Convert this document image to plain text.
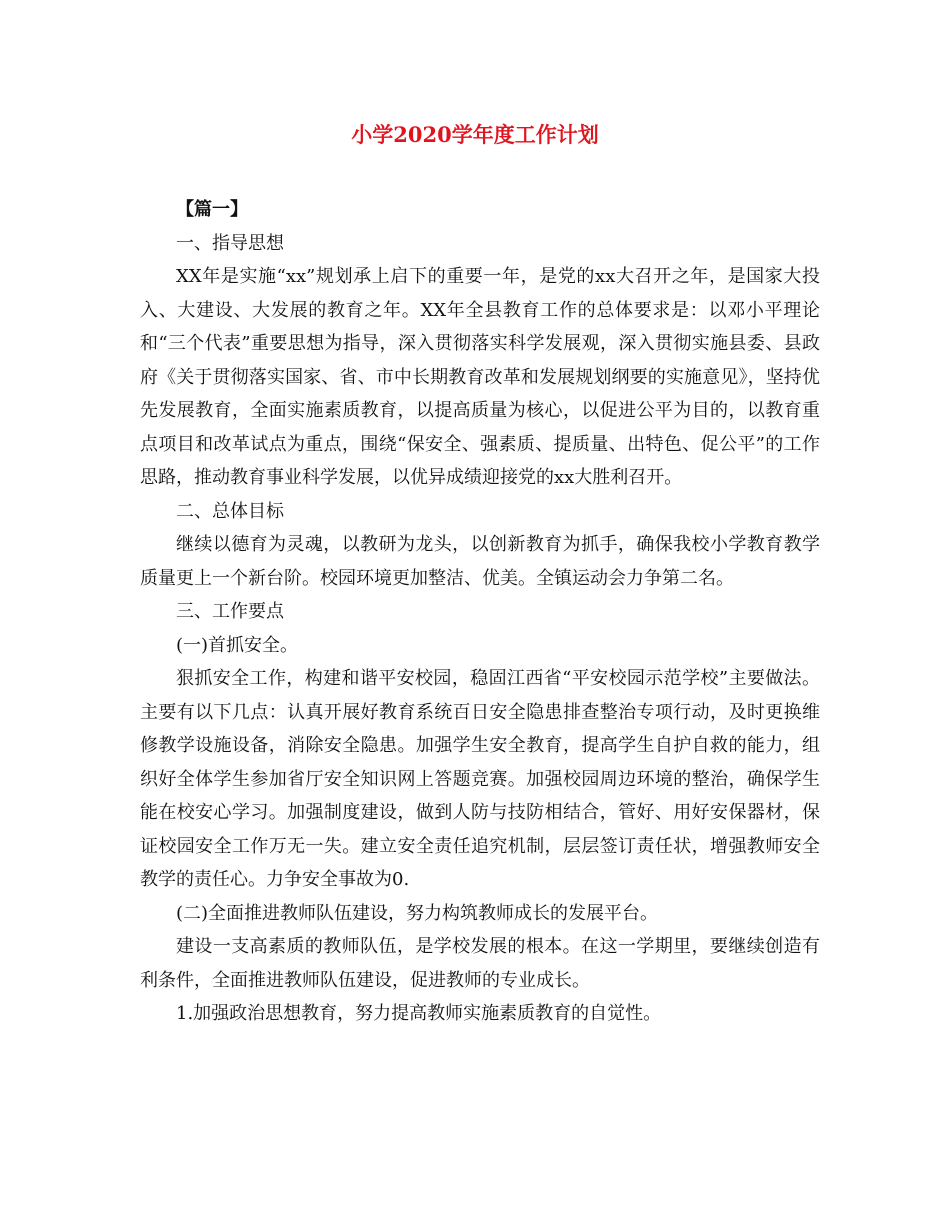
小学2020学年度工作计划

【篇一】

一、指导思想

XX年是实施“xx”规划承上启下的重要一年，是党的xx大召开之年，是国家大投入、大建设、大发展的教育之年。XX年全县教育工作的总体要求是：以邓小平理论和“三个代表”重要思想为指导，深入贯彻落实科学发展观，深入贯彻实施县委、县政府《关于贯彻落实国家、省、市中长期教育改革和发展规划纲要的实施意见》，坚持优先发展教育，全面实施素质教育，以提高质量为核心，以促进公平为目的，以教育重点项目和改革试点为重点，围绕“保安全、强素质、提质量、出特色、促公平”的工作思路，推动教育事业科学发展，以优异成绩迎接党的xx大胜利召开。

二、总体目标

继续以德育为灵魂，以教研为龙头，以创新教育为抓手，确保我校小学教育教学质量更上一个新台阶。校园环境更加整洁、优美。全镇运动会力争第二名。

三、工作要点

(一)首抓安全。

狠抓安全工作，构建和谐平安校园，稳固江西省“平安校园示范学校”主要做法。主要有以下几点：认真开展好教育系统百日安全隐患排查整治专项行动，及时更换维修教学设施设备，消除安全隐患。加强学生安全教育，提高学生自护自救的能力，组织好全体学生参加省厅安全知识网上答题竞赛。加强校园周边环境的整治，确保学生能在校安心学习。加强制度建设，做到人防与技防相结合，管好、用好安保器材，保证校园安全工作万无一失。建立安全责任追究机制，层层签订责任状，增强教师安全教学的责任心。力争安全事故为0.

(二)全面推进教师队伍建设，努力构筑教师成长的发展平台。

建设一支高素质的教师队伍，是学校发展的根本。在这一学期里，要继续创造有利条件，全面推进教师队伍建设，促进教师的专业成长。

1.加强政治思想教育，努力提高教师实施素质教育的自觉性。
